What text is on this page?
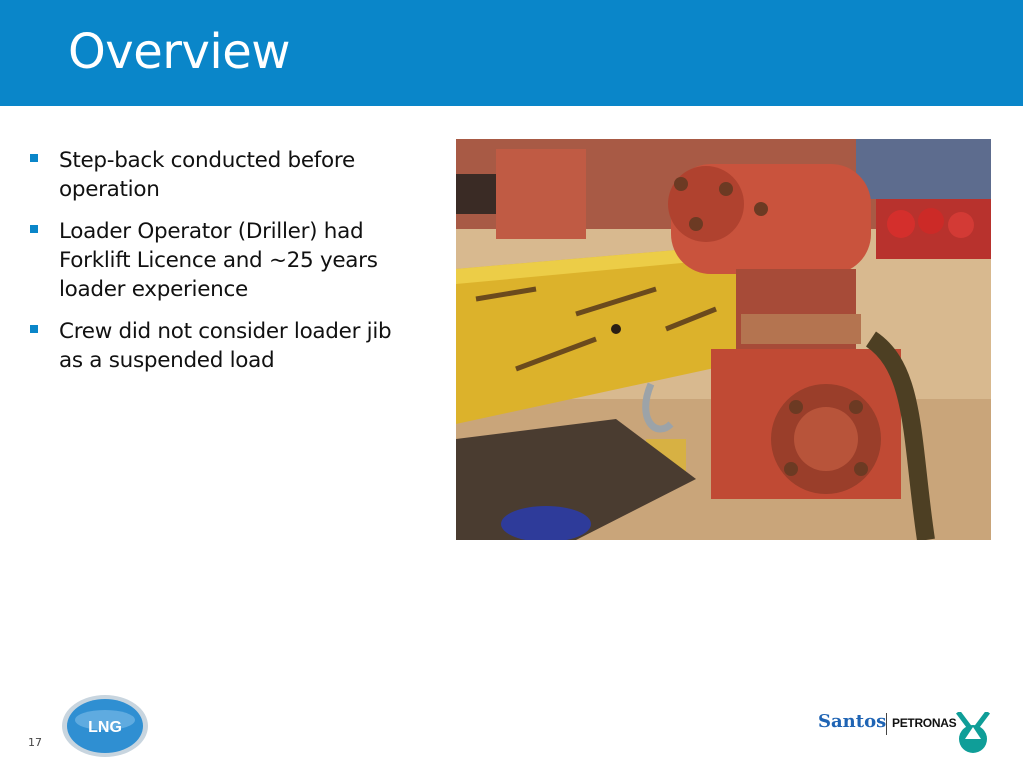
Overview
Step-back conducted before operation
Loader Operator (Driller) had Forklift Licence and ~25 years loader experience
Crew did not consider loader jib as a suspended load
17
LNG	Santos PETRONAS
